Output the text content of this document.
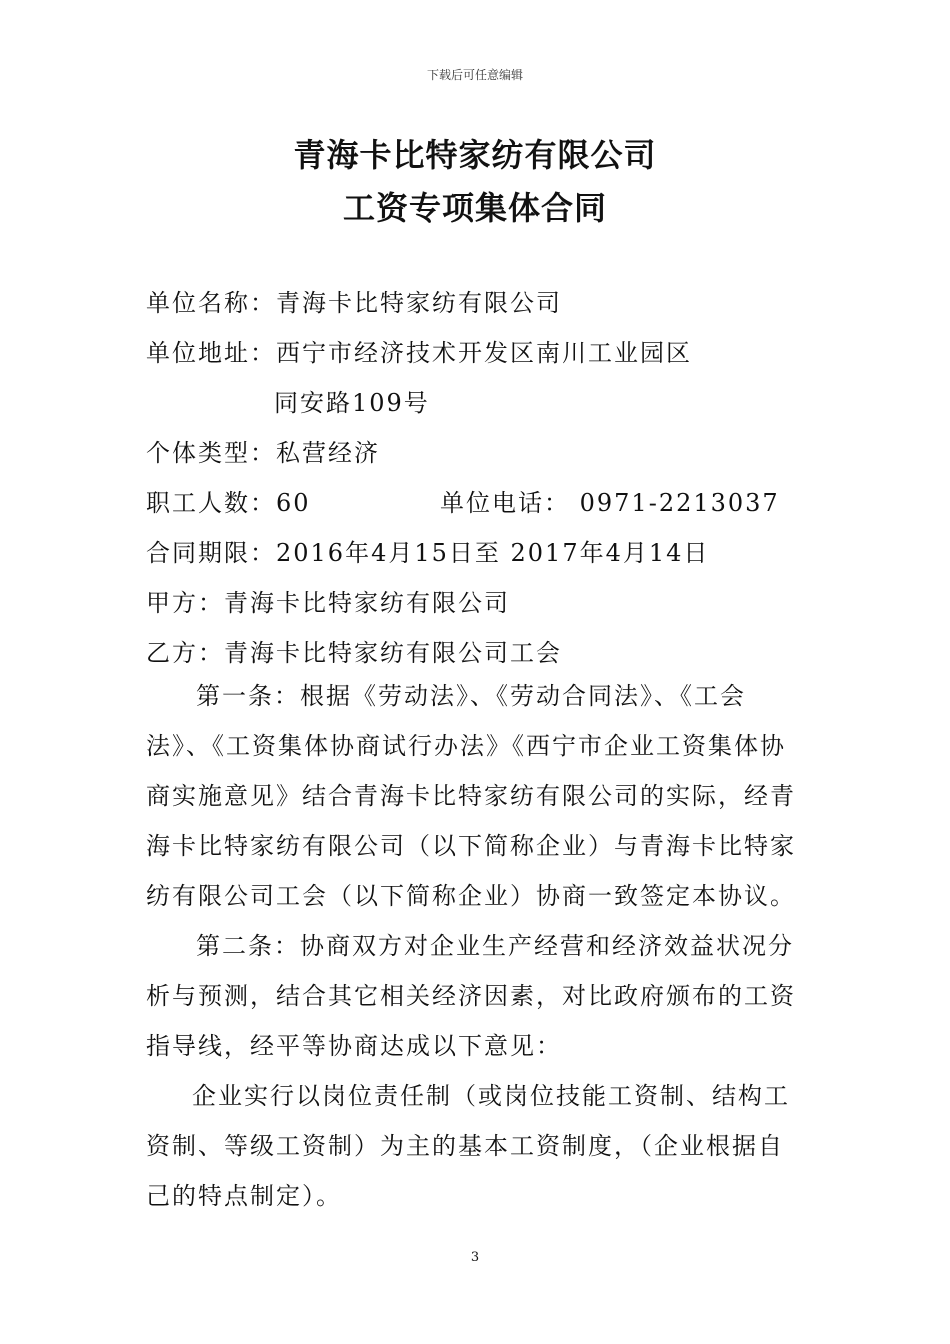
下载后可任意编辑
青海卡比特家纺有限公司
工资专项集体合同
单位名称：青海卡比特家纺有限公司
单位地址：西宁市经济技术开发区南川工业园区
同安路109号
个体类型：私营经济
职工人数：60	单位电话： 0971-2213037
合同期限：2016年4月15日至 2017年4月14日
甲方：青海卡比特家纺有限公司
乙方：青海卡比特家纺有限公司工会
第一条：根据《劳动法》、《劳动合同法》、《工会法》、《工资集体协商试行办法》《西宁市企业工资集体协商实施意见》结合青海卡比特家纺有限公司的实际，经青海卡比特家纺有限公司（以下简称企业）与青海卡比特家纺有限公司工会（以下简称企业）协商一致签定本协议。
第二条：协商双方对企业生产经营和经济效益状况分析与预测，结合其它相关经济因素，对比政府颁布的工资指导线，经平等协商达成以下意见：
企业实行以岗位责任制（或岗位技能工资制、结构工资制、等级工资制）为主的基本工资制度，（企业根据自己的特点制定）。
3
